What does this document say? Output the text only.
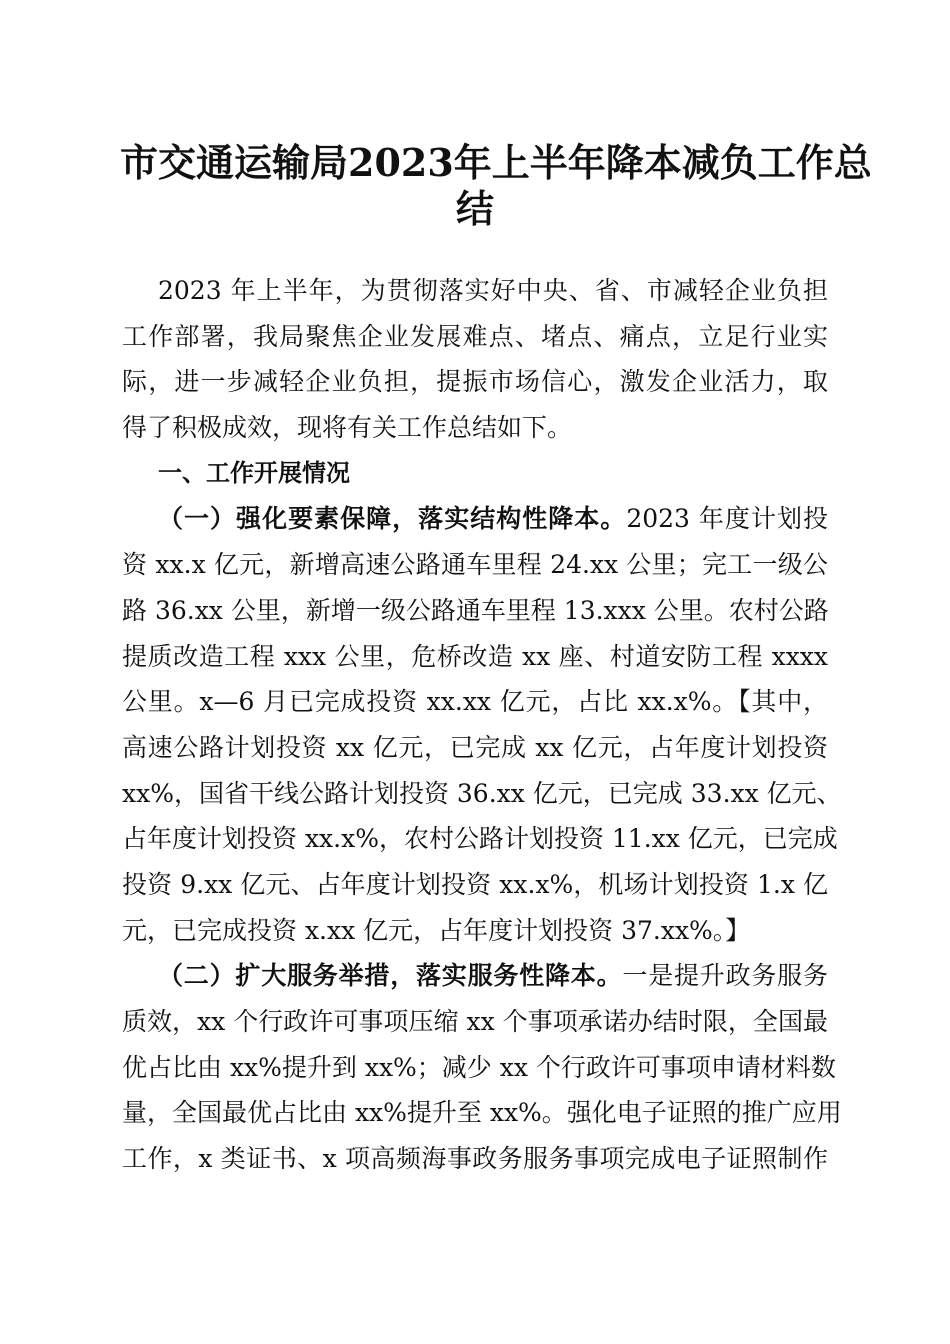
市交通运输局2023年上半年降本减负工作总
结
2023 年上半年，为贯彻落实好中央、省、市减轻企业负担
工作部署，我局聚焦企业发展难点、堵点、痛点，立足行业实
际，进一步减轻企业负担，提振市场信心，激发企业活力，取
得了积极成效，现将有关工作总结如下。
一、工作开展情况
（一）强化要素保障，落实结构性降本。2023 年度计划投
资 xx.x 亿元，新增高速公路通车里程 24.xx 公里；完工一级公
路 36.xx 公里，新增一级公路通车里程 13.xxx 公里。农村公路
提质改造工程 xxx 公里，危桥改造 xx 座、村道安防工程 xxxx
公里。x—6 月已完成投资 xx.xx 亿元，占比 xx.x%。【其中，
高速公路计划投资 xx 亿元，已完成 xx 亿元，占年度计划投资
xx%，国省干线公路计划投资 36.xx 亿元，已完成 33.xx 亿元、
占年度计划投资 xx.x%，农村公路计划投资 11.xx 亿元，已完成
投资 9.xx 亿元、占年度计划投资 xx.x%，机场计划投资 1.x 亿
元，已完成投资 x.xx 亿元，占年度计划投资 37.xx%。】
（二）扩大服务举措，落实服务性降本。一是提升政务服务
质效，xx 个行政许可事项压缩 xx 个事项承诺办结时限，全国最
优占比由 xx%提升到 xx%；减少 xx 个行政许可事项申请材料数
量，全国最优占比由 xx%提升至 xx%。强化电子证照的推广应用
工作，x 类证书、x 项高频海事政务服务事项完成电子证照制作
